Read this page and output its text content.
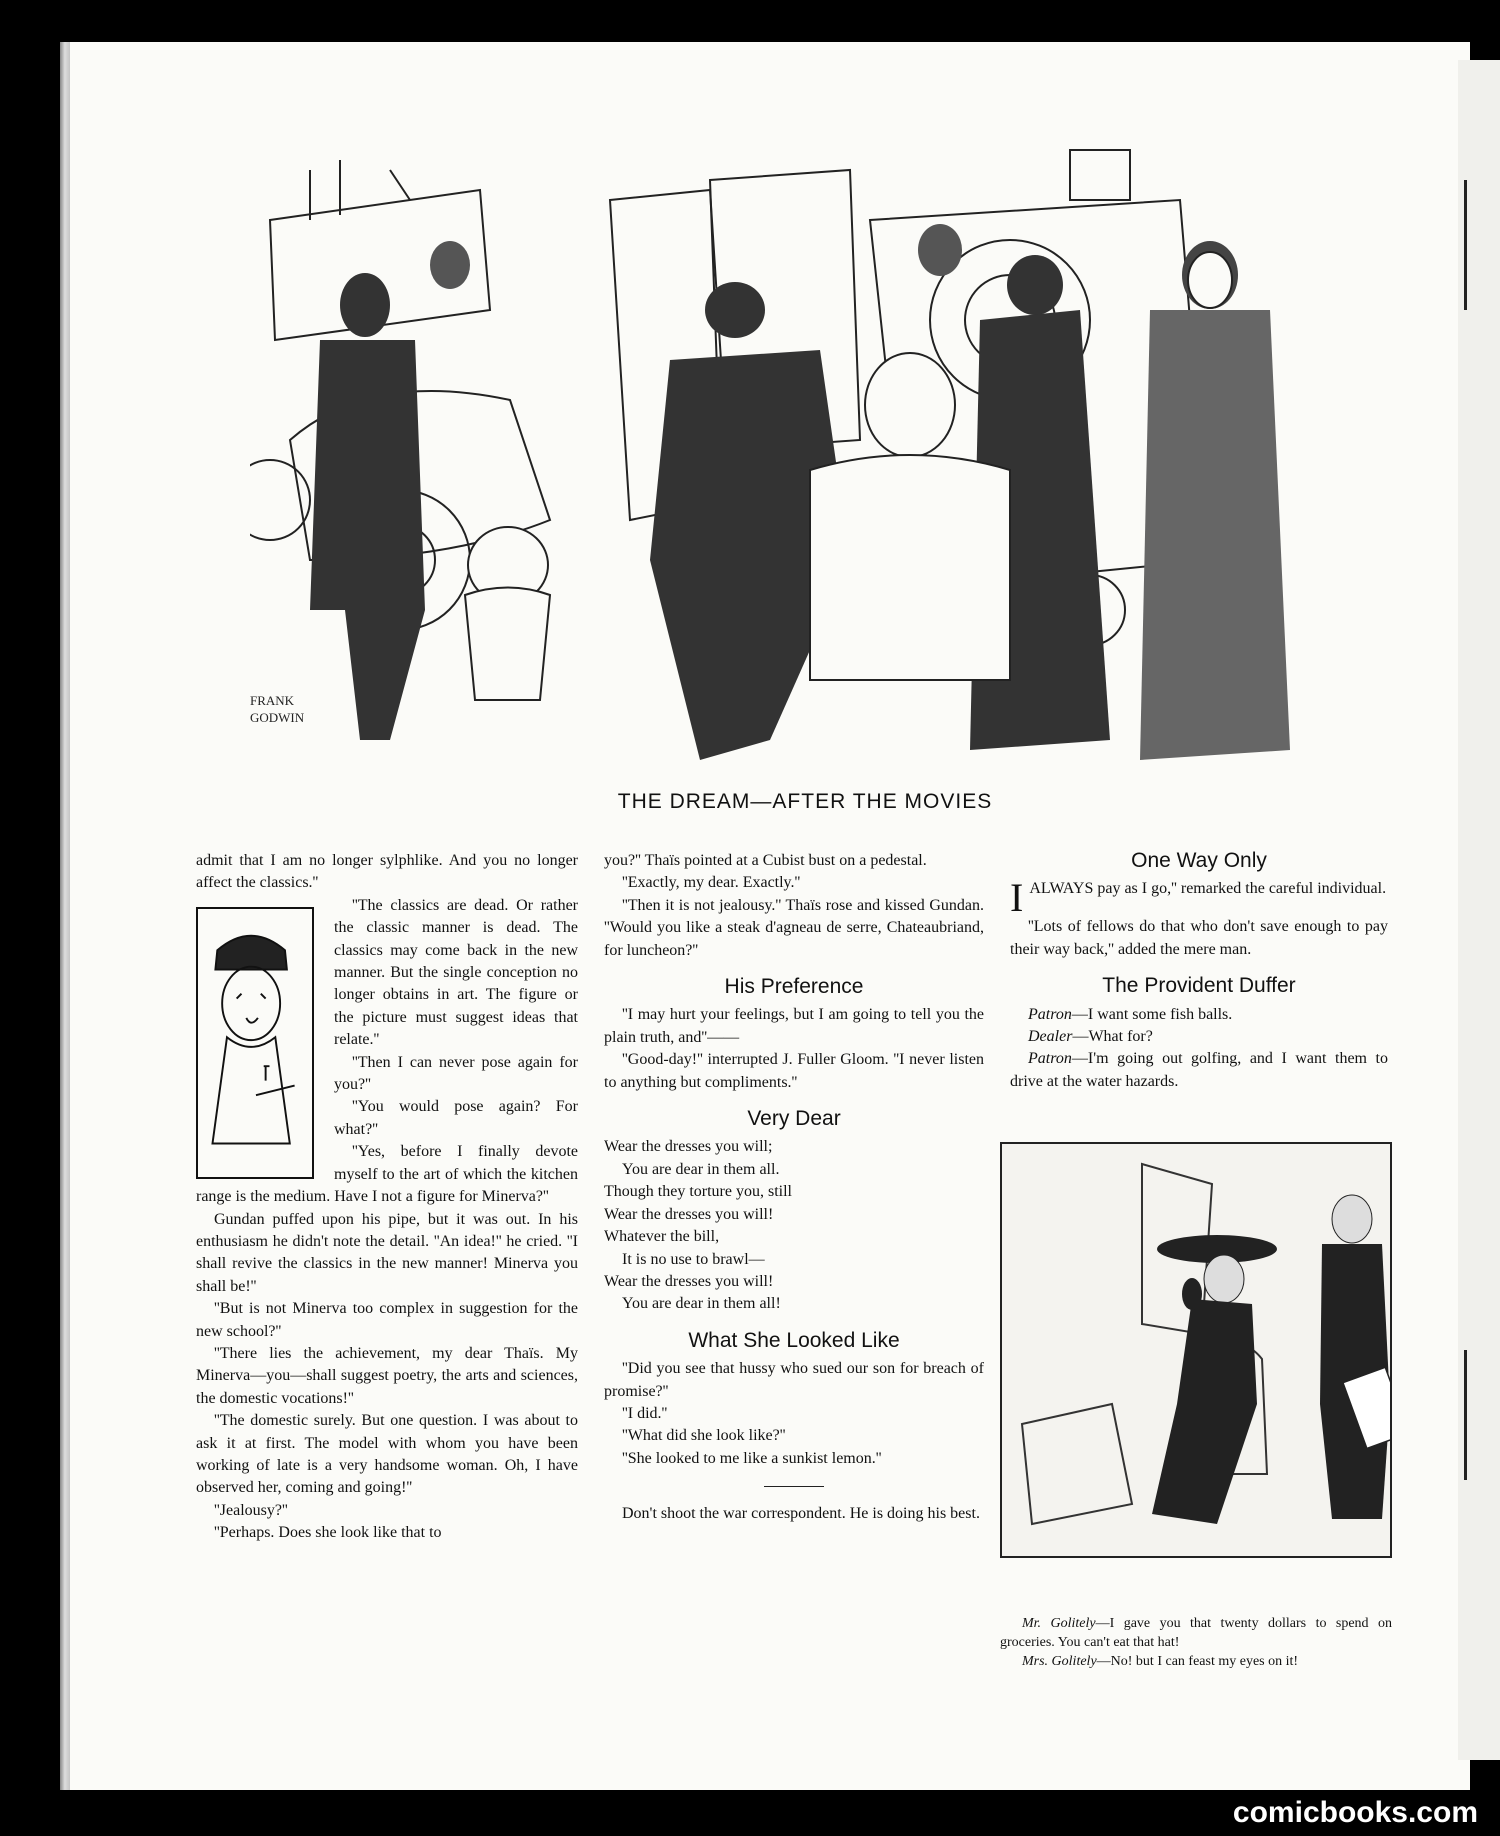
FRANK
GODWIN
THE DREAM—AFTER THE MOVIES

admit that I am no longer sylphlike. And you no longer affect the classics.''

''The classics are dead. Or rather the classic manner is dead. The classics may come back in the new manner. But the single conception no longer obtains in art. The figure or the picture must suggest ideas that relate.''

''Then I can never pose again for you?''

''You would pose again? For what?''

''Yes, before I finally devote myself to the art of which the kitchen range is the medium. Have I not a figure for Minerva?''

Gundan puffed upon his pipe, but it was out. In his enthusiasm he didn't note the detail. ''An idea!'' he cried. ''I shall revive the classics in the new manner! Minerva you shall be!''

''But is not Minerva too complex in suggestion for the new school?''

''There lies the achievement, my dear Thaïs. My Minerva—you—shall suggest poetry, the arts and sciences, the domestic vocations!''

''The domestic surely. But one question. I was about to ask it at first. The model with whom you have been working of late is a very handsome woman. Oh, I have observed her, coming and going!''

''Jealousy?''

''Perhaps. Does she look like that to

you?'' Thaïs pointed at a Cubist bust on a pedestal.

''Exactly, my dear. Exactly.''

''Then it is not jealousy.'' Thaïs rose and kissed Gundan. ''Would you like a steak d'agneau de serre, Chateaubriand, for luncheon?''

His Preference

''I may hurt your feelings, but I am going to tell you the plain truth, and''——

''Good-day!'' interrupted J. Fuller Gloom. ''I never listen to anything but compliments.''

Very Dear

Wear the dresses you will;

You are dear in them all.

Though they torture you, still

Wear the dresses you will!

Whatever the bill,

It is no use to brawl—

Wear the dresses you will!

You are dear in them all!

What She Looked Like

''Did you see that hussy who sued our son for breach of promise?''

''I did.''

''What did she look like?''

''She looked to me like a sunkist lemon.''

Don't shoot the war correspondent. He is doing his best.

One Way Only

IALWAYS pay as I go,'' remarked the careful individual.

''Lots of fellows do that who don't save enough to pay their way back,'' added the mere man.

The Provident Duffer

Patron—I want some fish balls.

Dealer—What for?

Patron—I'm going out golfing, and I want them to drive at the water hazards.

Mr. Golitely—I gave you that twenty dollars to spend on groceries. You can't eat that hat!

Mrs. Golitely—No! but I can feast my eyes on it!

comicbooks.com
